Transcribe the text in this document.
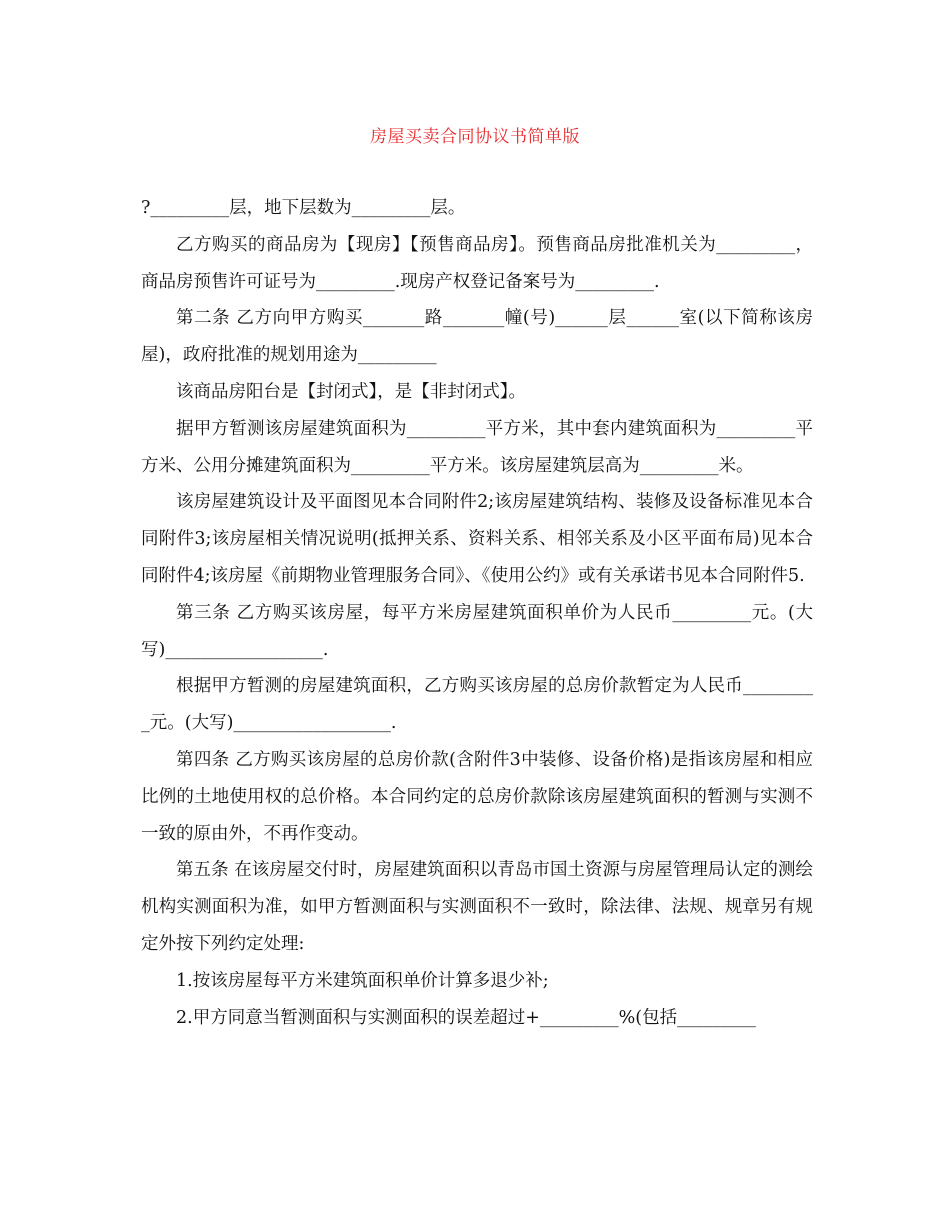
房屋买卖合同协议书简单版

?_________层，地下层数为_________层。

乙方购买的商品房为【现房】【预售商品房】。预售商品房批准机关为_________，商品房预售许可证号为_________.现房产权登记备案号为_________.

第二条 乙方向甲方购买_______路_______幢(号)______层______室(以下简称该房屋)，政府批准的规划用途为_________

该商品房阳台是【封闭式】，是【非封闭式】。

据甲方暂测该房屋建筑面积为_________平方米，其中套内建筑面积为_________平方米、公用分摊建筑面积为_________平方米。该房屋建筑层高为_________米。

该房屋建筑设计及平面图见本合同附件2;该房屋建筑结构、装修及设备标准见本合同附件3;该房屋相关情况说明(抵押关系、资料关系、相邻关系及小区平面布局)见本合同附件4;该房屋《前期物业管理服务合同》、《使用公约》或有关承诺书见本合同附件5.

第三条 乙方购买该房屋，每平方米房屋建筑面积单价为人民币_________元。(大写)__________________.

根据甲方暂测的房屋建筑面积，乙方购买该房屋的总房价款暂定为人民币_________元。(大写)__________________.

第四条 乙方购买该房屋的总房价款(含附件3中装修、设备价格)是指该房屋和相应比例的土地使用权的总价格。本合同约定的总房价款除该房屋建筑面积的暂测与实测不一致的原由外，不再作变动。

第五条 在该房屋交付时，房屋建筑面积以青岛市国土资源与房屋管理局认定的测绘机构实测面积为准，如甲方暂测面积与实测面积不一致时，除法律、法规、规章另有规定外按下列约定处理:

1.按该房屋每平方米建筑面积单价计算多退少补;

2.甲方同意当暂测面积与实测面积的误差超过+_________%(包括_________
